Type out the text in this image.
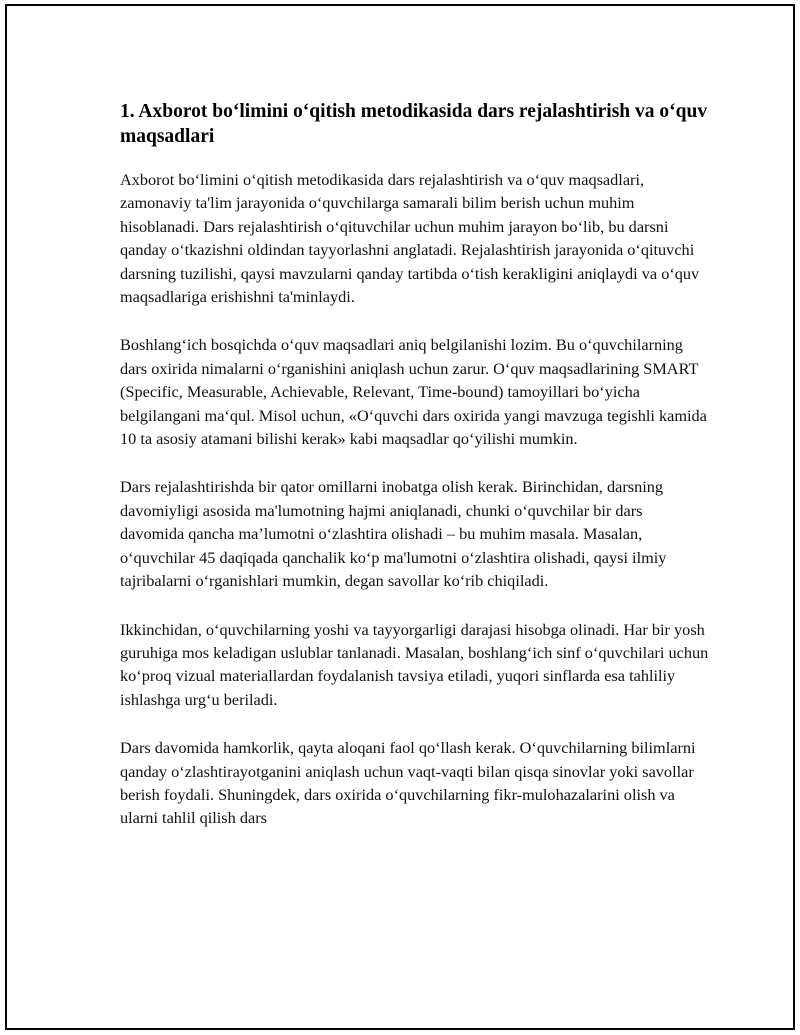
1. Axborot bo‘limini o‘qitish metodikasida dars rejalashtirish va o‘quv maqsadlari

Axborot bo‘limini o‘qitish metodikasida dars rejalashtirish va o‘quv maqsadlari, zamonaviy ta'lim jarayonida o‘quvchilarga samarali bilim berish uchun muhim hisoblanadi. Dars rejalashtirish o‘qituvchilar uchun muhim jarayon bo‘lib, bu darsni qanday o‘tkazishni oldindan tayyorlashni anglatadi. Rejalashtirish jarayonida o‘qituvchi darsning tuzilishi, qaysi mavzularni qanday tartibda o‘tish kerakligini aniqlaydi va o‘quv maqsadlariga erishishni ta'minlaydi.

Boshlang‘ich bosqichda o‘quv maqsadlari aniq belgilanishi lozim. Bu o‘quvchilarning dars oxirida nimalarni o‘rganishini aniqlash uchun zarur. O‘quv maqsadlarining SMART (Specific, Measurable, Achievable, Relevant, Time-bound) tamoyillari bo‘yicha belgilangani ma‘qul. Misol uchun, «O‘quvchi dars oxirida yangi mavzuga tegishli kamida 10 ta asosiy atamani bilishi kerak» kabi maqsadlar qo‘yilishi mumkin.

Dars rejalashtirishda bir qator omillarni inobatga olish kerak. Birinchidan, darsning davomiyligi asosida ma'lumotning hajmi aniqlanadi, chunki o‘quvchilar bir dars davomida qancha ma’lumotni o‘zlashtira olishadi – bu muhim masala. Masalan, o‘quvchilar 45 daqiqada qanchalik ko‘p ma'lumotni o‘zlashtira olishadi, qaysi ilmiy tajribalarni o‘rganishlari mumkin, degan savollar ko‘rib chiqiladi.

Ikkinchidan, o‘quvchilarning yoshi va tayyorgarligi darajasi hisobga olinadi. Har bir yosh guruhiga mos keladigan uslublar tanlanadi. Masalan, boshlang‘ich sinf o‘quvchilari uchun ko‘proq vizual materiallardan foydalanish tavsiya etiladi, yuqori sinflarda esa tahliliy ishlashga urg‘u beriladi.

Dars davomida hamkorlik, qayta aloqani faol qo‘llash kerak. O‘quvchilarning bilimlarni qanday o‘zlashtirayotganini aniqlash uchun vaqt-vaqti bilan qisqa sinovlar yoki savollar berish foydali. Shuningdek, dars oxirida o‘quvchilarning fikr-mulohazalarini olish va ularni tahlil qilish dars
